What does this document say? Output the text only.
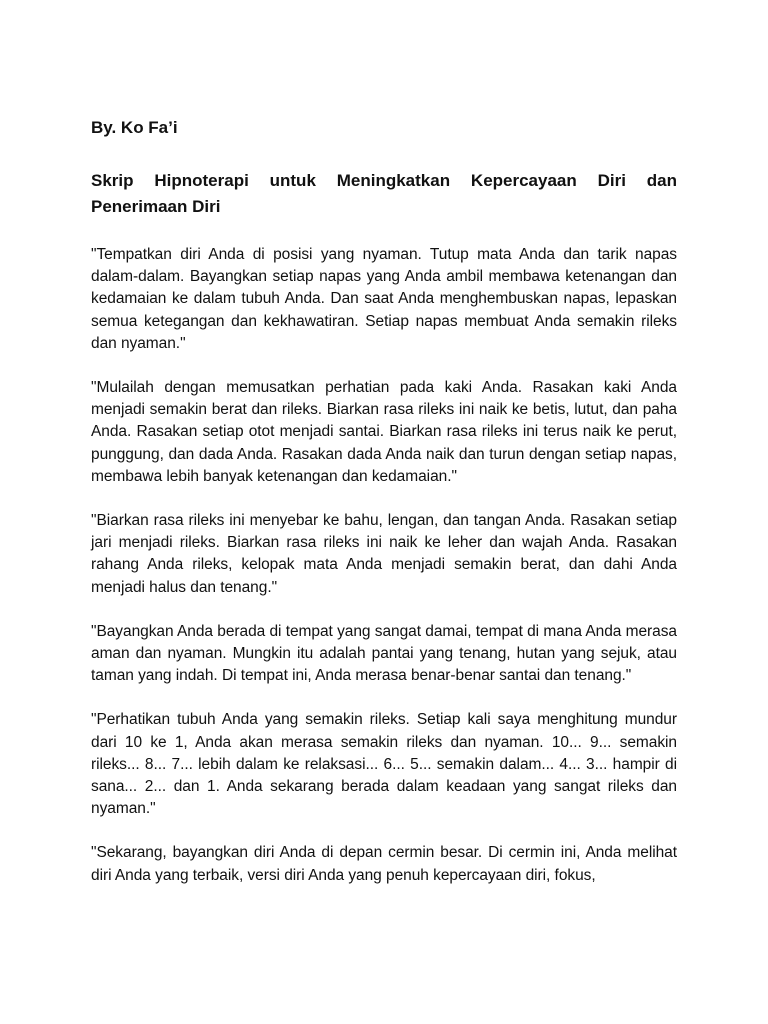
By. Ko Fa’i
Skrip Hipnoterapi untuk Meningkatkan Kepercayaan Diri dan Penerimaan Diri
"Tempatkan diri Anda di posisi yang nyaman. Tutup mata Anda dan tarik napas dalam-dalam. Bayangkan setiap napas yang Anda ambil membawa ketenangan dan kedamaian ke dalam tubuh Anda. Dan saat Anda menghembuskan napas, lepaskan semua ketegangan dan kekhawatiran. Setiap napas membuat Anda semakin rileks dan nyaman."
"Mulailah dengan memusatkan perhatian pada kaki Anda. Rasakan kaki Anda menjadi semakin berat dan rileks. Biarkan rasa rileks ini naik ke betis, lutut, dan paha Anda. Rasakan setiap otot menjadi santai. Biarkan rasa rileks ini terus naik ke perut, punggung, dan dada Anda. Rasakan dada Anda naik dan turun dengan setiap napas, membawa lebih banyak ketenangan dan kedamaian."
"Biarkan rasa rileks ini menyebar ke bahu, lengan, dan tangan Anda. Rasakan setiap jari menjadi rileks. Biarkan rasa rileks ini naik ke leher dan wajah Anda. Rasakan rahang Anda rileks, kelopak mata Anda menjadi semakin berat, dan dahi Anda menjadi halus dan tenang."
"Bayangkan Anda berada di tempat yang sangat damai, tempat di mana Anda merasa aman dan nyaman. Mungkin itu adalah pantai yang tenang, hutan yang sejuk, atau taman yang indah. Di tempat ini, Anda merasa benar-benar santai dan tenang."
"Perhatikan tubuh Anda yang semakin rileks. Setiap kali saya menghitung mundur dari 10 ke 1, Anda akan merasa semakin rileks dan nyaman. 10... 9... semakin rileks... 8... 7... lebih dalam ke relaksasi... 6... 5... semakin dalam... 4... 3... hampir di sana... 2... dan 1. Anda sekarang berada dalam keadaan yang sangat rileks dan nyaman."
"Sekarang, bayangkan diri Anda di depan cermin besar. Di cermin ini, Anda melihat diri Anda yang terbaik, versi diri Anda yang penuh kepercayaan diri, fokus,
